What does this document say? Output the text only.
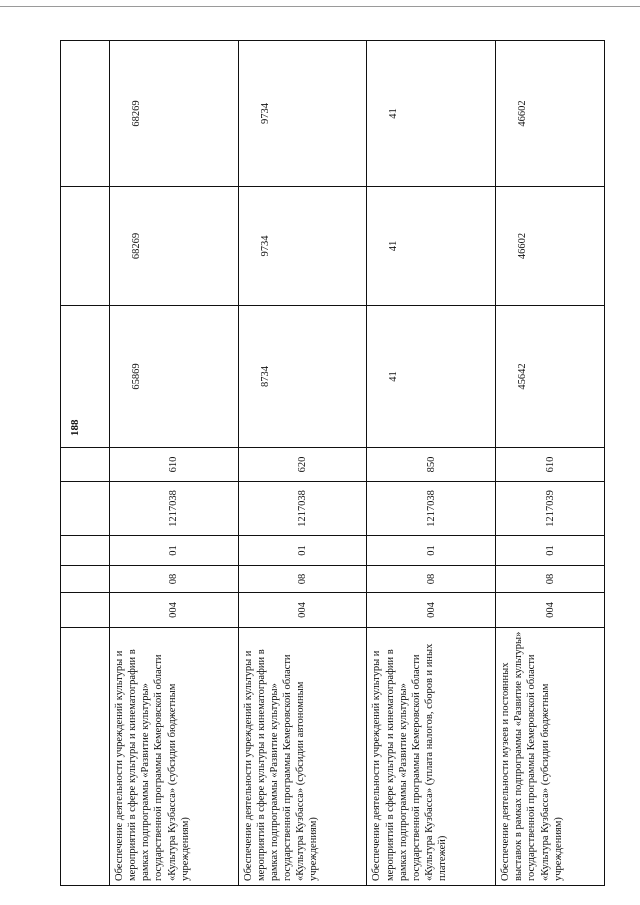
188

Обеспечение деятельности учреждений культуры и мероприятий в сфере культуры и кинематографии в рамках подпрограммы «Развитие культуры» государственной программы Кемеровской области «Культура Кузбасса» (субсидии бюджетным учреждениям)	004	08	01	1217038	610	65869	68269	68269
Обеспечение деятельности учреждений культуры и мероприятий в сфере культуры и кинематографии в рамках подпрограммы «Развитие культуры» государственной программы Кемеровской области «Культура Кузбасса» (субсидии автономным учреждениям)	004	08	01	1217038	620	8734	9734	9734
Обеспечение деятельности учреждений культуры и мероприятий в сфере культуры и кинематографии в рамках подпрограммы «Развитие культуры» государственной программы Кемеровской области «Культура Кузбасса» (уплата налогов, сборов и иных платежей)	004	08	01	1217038	850	41	41	41
Обеспечение деятельности музеев и постоянных выставок в рамках подпрограммы «Развитие культуры» государственной программы Кемеровской области «Культура Кузбасса» (субсидии бюджетным учреждениям)	004	08	01	1217039	610	45642	46602	46602
